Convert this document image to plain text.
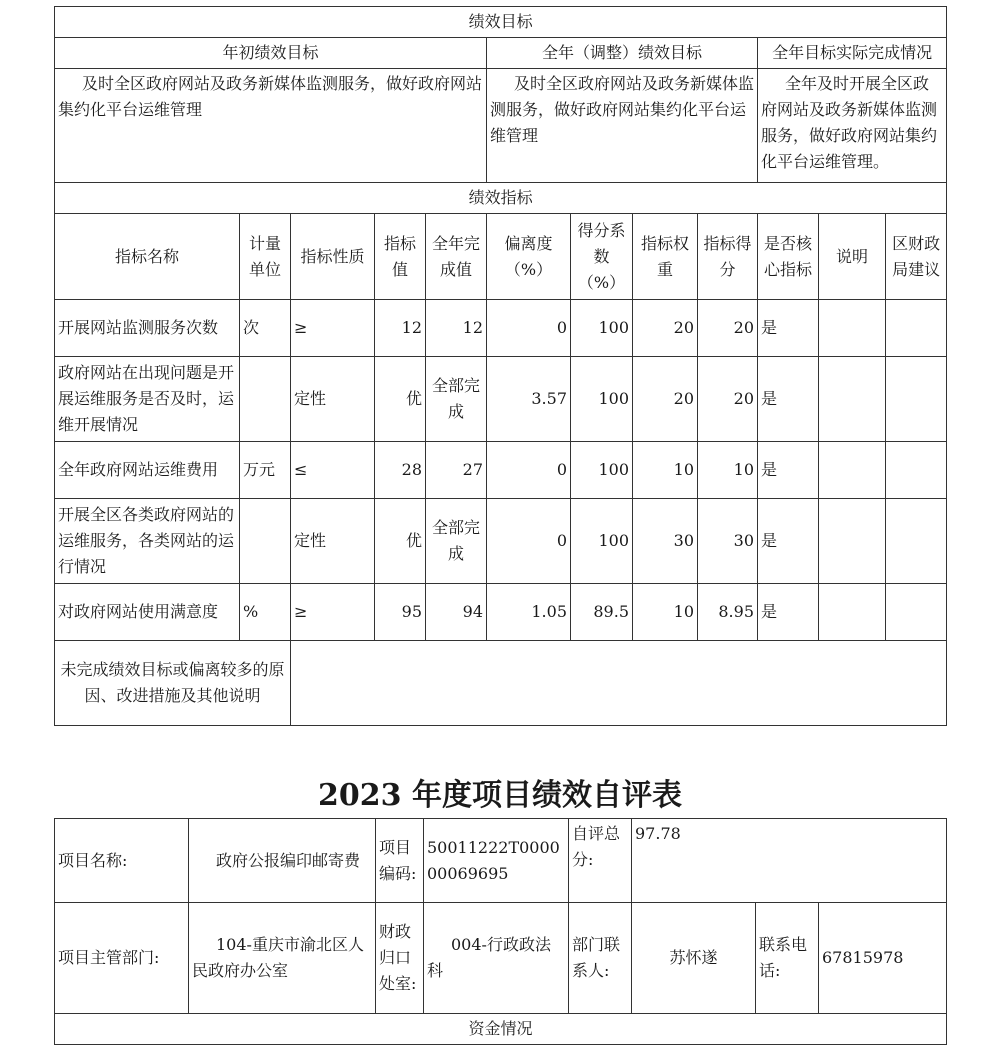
绩效目标											
年初绩效目标					全年（调整）绩效目标				全年目标实际完成情况		
及时全区政府网站及政务新媒体监测服务，做好政府网站集约化平台运维管理					及时全区政府网站及政务新媒体监测服务，做好政府网站集约化平台运维管理				全年及时开展全区政府网站及政务新媒体监测服务，做好政府网站集约化平台运维管理。		
绩效指标											
指标名称	计量单位	指标性质	指标值	全年完成值	偏离度（%）	得分系数（%）	指标权重	指标得分	是否核心指标	说明	区财政局建议
开展网站监测服务次数	次	≥	12	12	0	100	20	20	是		
政府网站在出现问题是开展运维服务是否及时，运维开展情况		定性	优	全部完成	3.57	100	20	20	是		
全年政府网站运维费用	万元	≤	28	27	0	100	10	10	是		
开展全区各类政府网站的运维服务，各类网站的运行情况		定性	优	全部完成	0	100	30	30	是		
对政府网站使用满意度	%	≥	95	94	1.05	89.5	10	8.95	是		
未完成绩效目标或偏离较多的原因、改进措施及其他说明											
2023 年度项目绩效自评表
项目名称:	政府公报编印邮寄费	项目编码:	50011222T000000069695	自评总分:	97.78		
项目主管部门:	104-重庆市渝北区人民政府办公室	财政归口处室:	004-行政政法科	部门联系人:	苏怀遂	联系电话:	67815978
资金情况							
